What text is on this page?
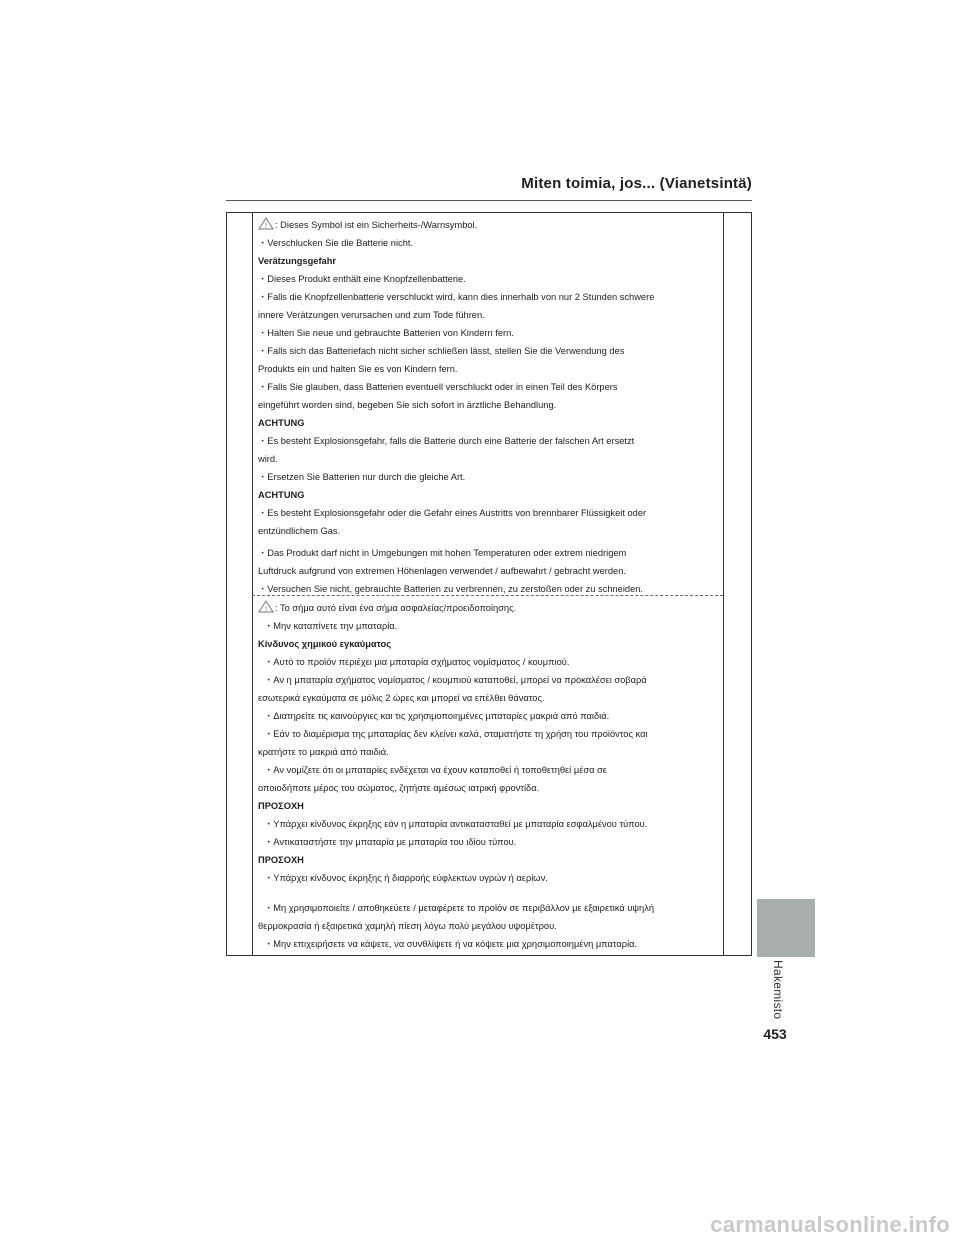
Miten toimia, jos... (Vianetsintä)
! : Dieses Symbol ist ein Sicherheits-/Warnsymbol.
・Verschlucken Sie die Batterie nicht.
Verätzungsgefahr
・Dieses Produkt enthält eine Knopfzellenbatterie.
・Falls die Knopfzellenbatterie verschluckt wird, kann dies innerhalb von nur 2 Stunden schwere
innere Verätzungen verursachen und zum Tode führen.
・Halten Sie neue und gebrauchte Batterien von Kindern fern.
・Falls sich das Batteriefach nicht sicher schließen lässt, stellen Sie die Verwendung des
Produkts ein und halten Sie es von Kindern fern.
・Falls Sie glauben, dass Batterien eventuell verschluckt oder in einen Teil des Körpers
eingeführt worden sind, begeben Sie sich sofort in ärztliche Behandlung.
ACHTUNG
・Es besteht Explosionsgefahr, falls die Batterie durch eine Batterie der falschen Art ersetzt
wird.
・Ersetzen Sie Batterien nur durch die gleiche Art.
ACHTUNG
・Es besteht Explosionsgefahr oder die Gefahr eines Austritts von brennbarer Flüssigkeit oder
entzündlichem Gas.
・Das Produkt darf nicht in Umgebungen mit hohen Temperaturen oder extrem niedrigem
Luftdruck aufgrund von extremen Höhenlagen verwendet / aufbewahrt / gebracht werden.
・Versuchen Sie nicht, gebrauchte Batterien zu verbrennen, zu zerstoßen oder zu schneiden.
! : Το σήμα αυτό είναι ένα σήμα ασφαλείας/προειδοποίησης.
・Μην καταπίνετε την μπαταρία.
Κίνδυνος χημικού εγκαύματος
・Αυτό το προϊόν περιέχει μια μπαταρία σχήματος νομίσματος / κουμπιού.
・Αν η μπαταρία σχήματος νομίσματος / κουμπιού καταποθεί, μπορεί να προκαλέσει σοβαρά
εσωτερικά εγκαύματα σε μόλις 2 ώρες και μπορεί να επέλθει θάνατος.
・Διατηρείτε τις καινούργιες και τις χρησιμοποιημένες μπαταρίες μακριά από παιδιά.
・Εάν το διαμέρισμα της μπαταρίας δεν κλείνει καλά, σταματήστε τη χρήση του προϊόντος και
κρατήστε το μακριά από παιδιά.
・Αν νομίζετε ότι οι μπαταρίες ενδέχεται να έχουν καταποθεί ή τοποθετηθεί μέσα σε
οποιοδήποτε μέρος του σώματος, ζητήστε αμέσως ιατρική φροντίδα.
ΠΡΟΣΟΧΗ
・Υπάρχει κίνδυνος έκρηξης εάν η μπαταρία αντικατασταθεί με μπαταρία εσφαλμένου τύπου.
・Αντικαταστήστε την μπαταρία με μπαταρία του ιδίου τύπου.
ΠΡΟΣΟΧΗ
・Υπάρχει κίνδυνος έκρηξης ή διαρροής εύφλεκτων υγρών ή αερίων.
・Μη χρησιμοποιείτε / αποθηκεύετε / μεταφέρετε το προϊόν σε περιβάλλον με εξαιρετικά υψηλή
θερμοκρασία ή εξαιρετικά χαμηλή πίεση λόγω πολύ μεγάλου υψομέτρου.
・Μην επιχειρήσετε να κάψετε, να συνθλίψετε ή να κόψετε μια χρησιμοποιημένη μπαταρία.
Hakemisto
453
carmanualsonline.info
